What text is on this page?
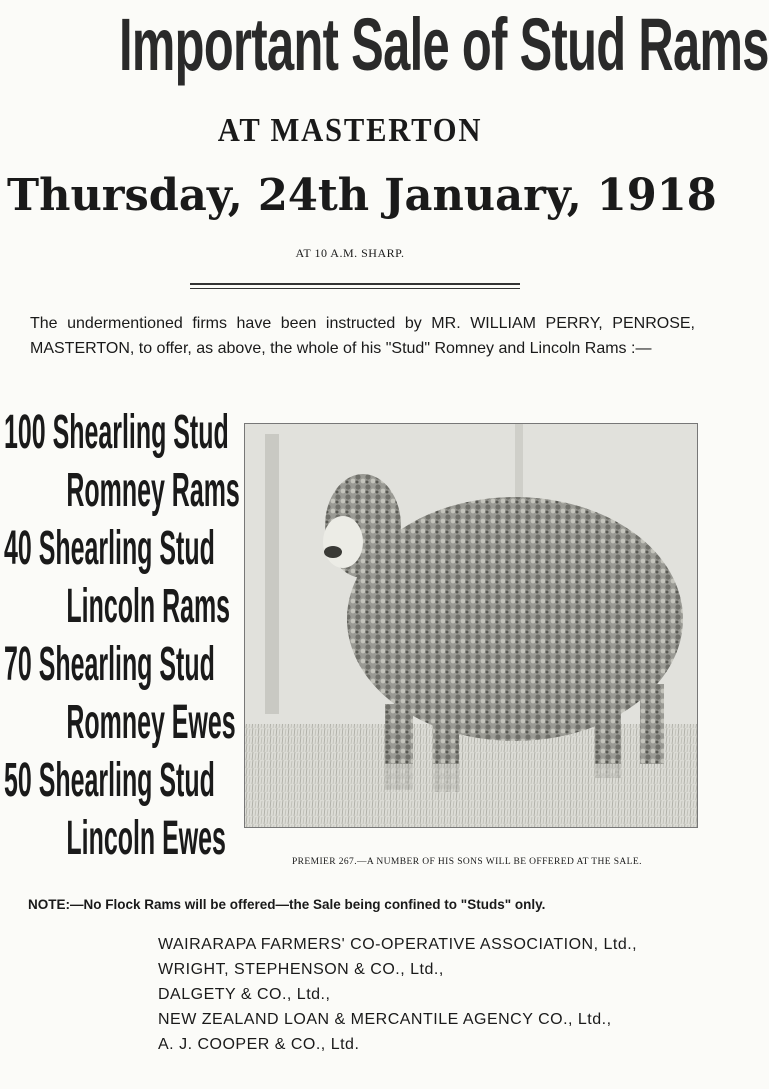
Important Sale of Stud Rams
AT MASTERTON
Thursday, 24th January, 1918
AT 10 A.M. SHARP.
The undermentioned firms have been instructed by MR. WILLIAM PERRY, PENROSE, MASTERTON, to offer, as above, the whole of his "Stud" Romney and Lincoln Rams :—
100 Shearling Stud
Romney Rams
40 Shearling Stud
Lincoln Rams
70 Shearling Stud
Romney Ewes
50 Shearling Stud
Lincoln Ewes	PREMIER 267.—A NUMBER OF HIS SONS WILL BE OFFERED AT THE SALE.
NOTE:—No Flock Rams will be offered—the Sale being confined to "Studs" only.
WAIRARAPA FARMERS' CO-OPERATIVE ASSOCIATION, Ltd.,
WRIGHT, STEPHENSON & CO., Ltd.,
DALGETY & CO., Ltd.,
NEW ZEALAND LOAN & MERCANTILE AGENCY CO., Ltd.,
A. J. COOPER & CO., Ltd.
